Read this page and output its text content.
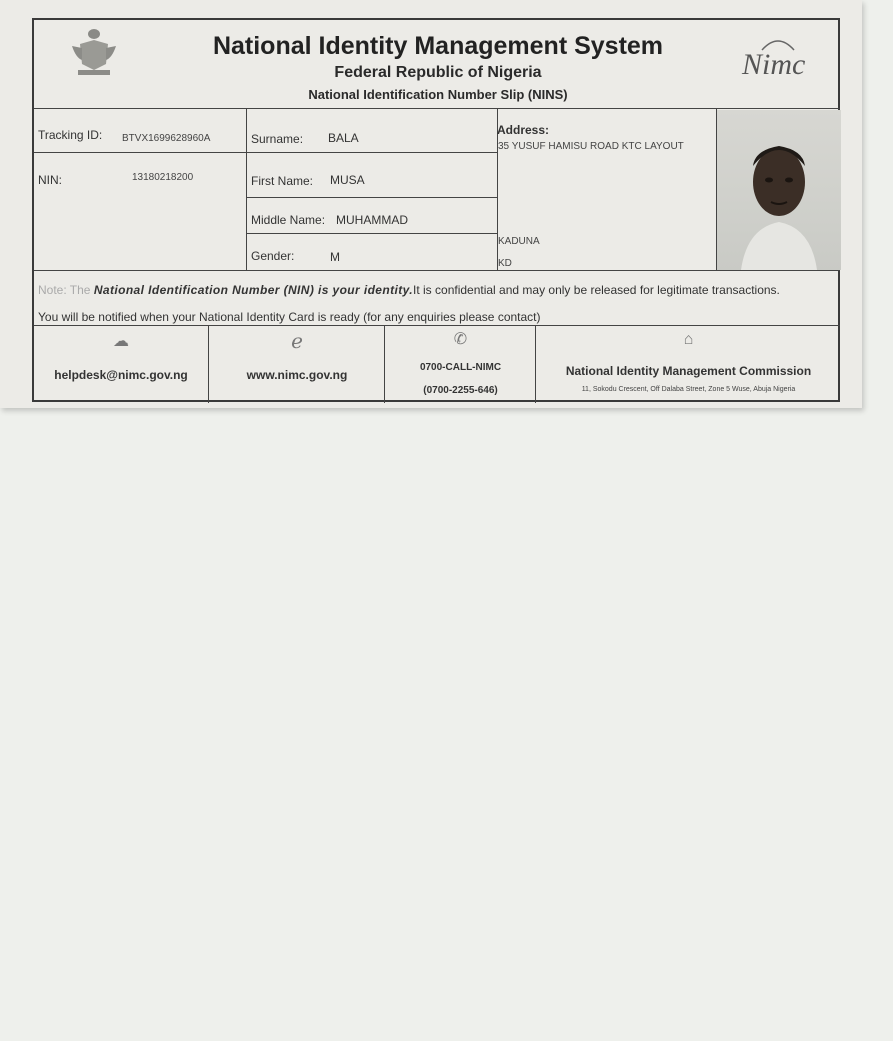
National Identity Management System
Federal Republic of Nigeria
National Identification Number Slip (NINS)
Nimc
Tracking ID: BTVX1699628960A
NIN:	13180218200
Surname: BALA
First Name: MUSA
Middle Name: MUHAMMAD
Gender:	M
Address:
35 YUSUF HAMISU ROAD KTC LAYOUT
KADUNA
KD
Note: The National Identification Number (NIN) is your identity.It is confidential and may only be released for legitimate transactions.
You will be notified when your National Identity Card is ready (for any enquiries please contact)
☁
helpdesk@nimc.gov.ng
ℯ
www.nimc.gov.ng
✆
0700-CALL-NIMC
(0700-2255-646)
⌂
National Identity Management Commission
11, Sokodu Crescent, Off Dalaba Street, Zone 5 Wuse, Abuja Nigeria
